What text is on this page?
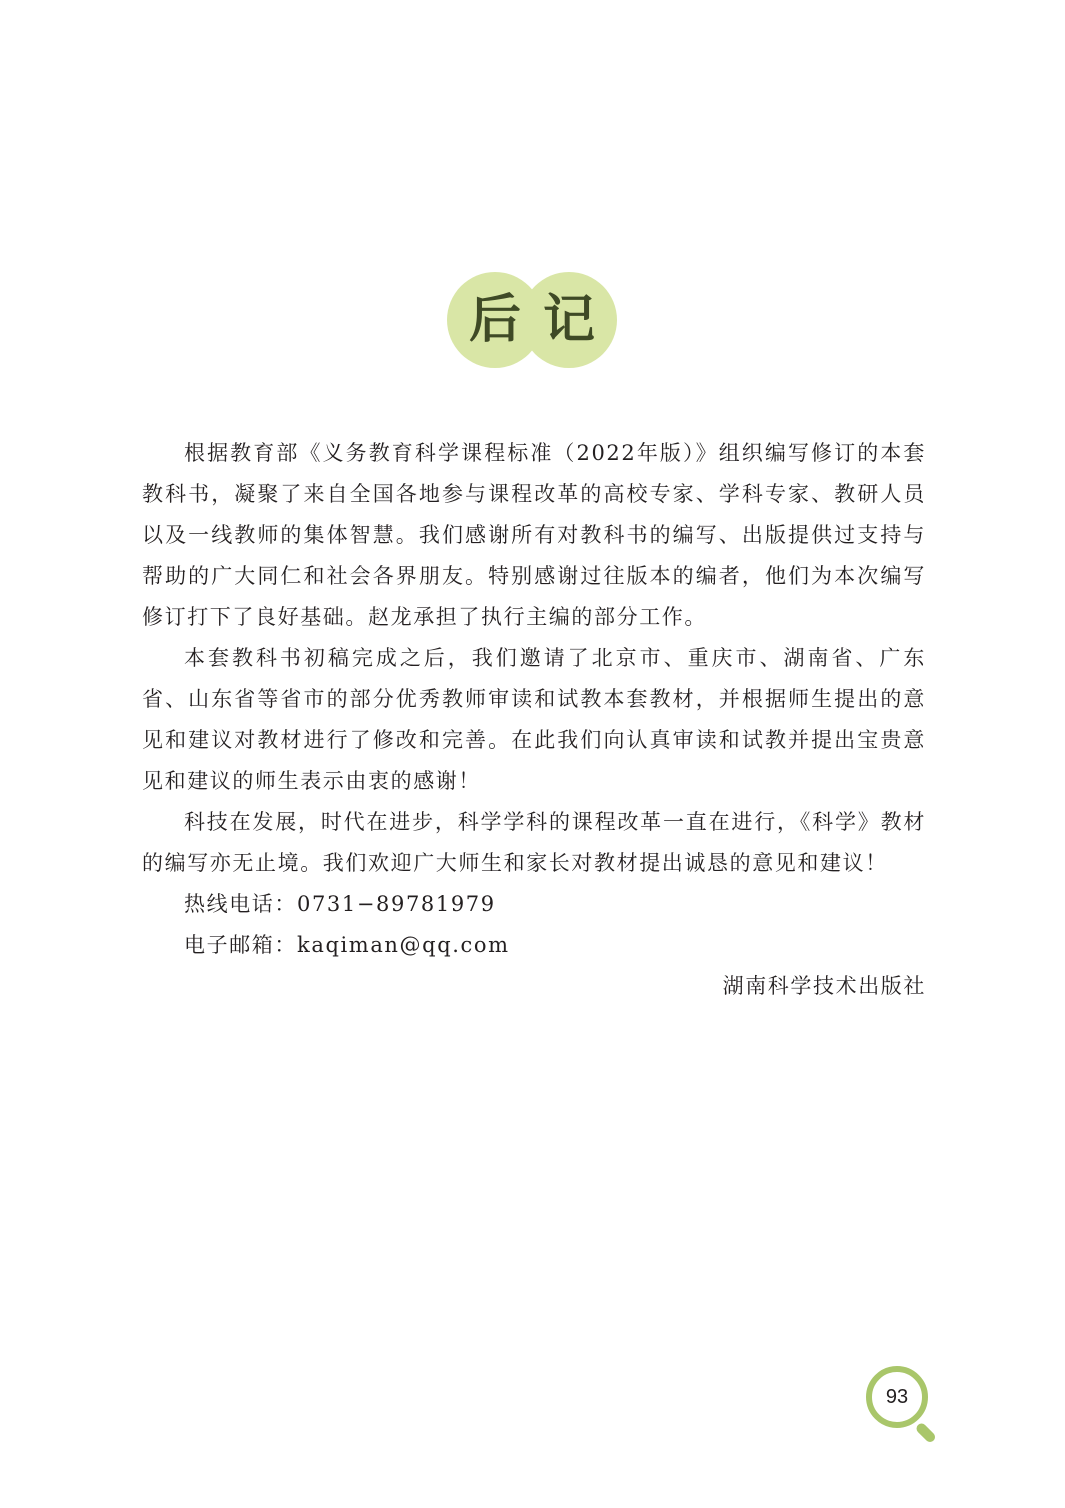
后 记

根据教育部《义务教育科学课程标准（2022年版）》组织编写修订的本套教科书，凝聚了来自全国各地参与课程改革的高校专家、学科专家、教研人员以及一线教师的集体智慧。我们感谢所有对教科书的编写、出版提供过支持与帮助的广大同仁和社会各界朋友。特别感谢过往版本的编者，他们为本次编写修订打下了良好基础。赵龙承担了执行主编的部分工作。

本套教科书初稿完成之后，我们邀请了北京市、重庆市、湖南省、广东省、山东省等省市的部分优秀教师审读和试教本套教材，并根据师生提出的意见和建议对教材进行了修改和完善。在此我们向认真审读和试教并提出宝贵意见和建议的师生表示由衷的感谢！

科技在发展，时代在进步，科学学科的课程改革一直在进行，《科学》教材的编写亦无止境。我们欢迎广大师生和家长对教材提出诚恳的意见和建议！

热线电话：0731−89781979

电子邮箱：kaqiman@qq.com

湖南科学技术出版社

93
